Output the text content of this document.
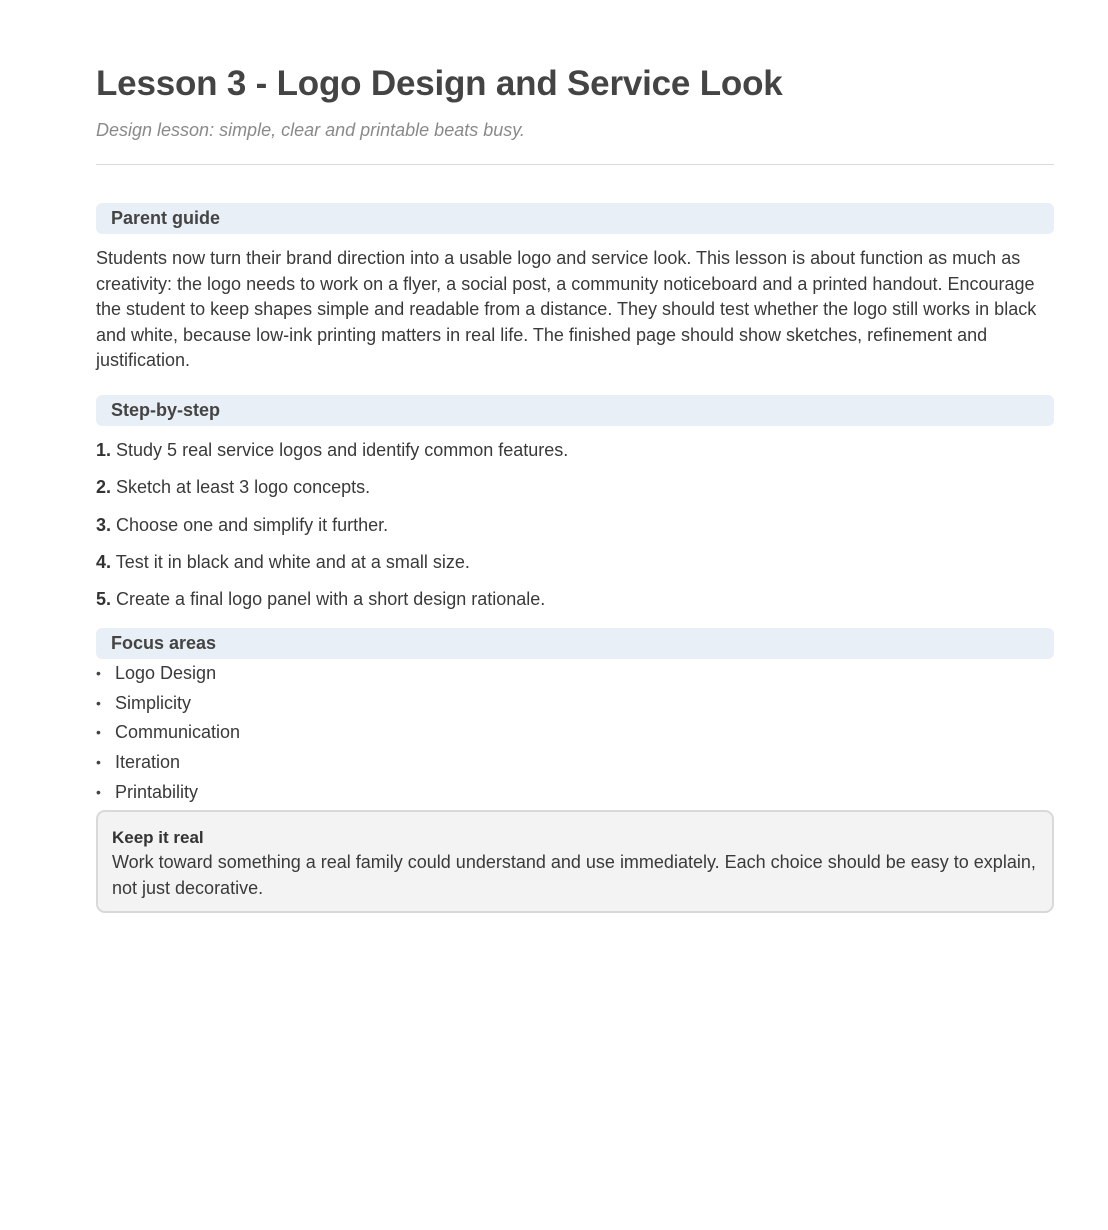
Lesson 3 - Logo Design and Service Look
Design lesson: simple, clear and printable beats busy.
Parent guide
Students now turn their brand direction into a usable logo and service look. This lesson is about function as much as creativity: the logo needs to work on a flyer, a social post, a community noticeboard and a printed handout. Encourage the student to keep shapes simple and readable from a distance. They should test whether the logo still works in black and white, because low-ink printing matters in real life. The finished page should show sketches, refinement and justification.
Step-by-step
1. Study 5 real service logos and identify common features.
2. Sketch at least 3 logo concepts.
3. Choose one and simplify it further.
4. Test it in black and white and at a small size.
5. Create a final logo panel with a short design rationale.
Focus areas
• Logo Design
• Simplicity
• Communication
• Iteration
• Printability
Keep it real
Work toward something a real family could understand and use immediately. Each choice should be easy to explain, not just decorative.
